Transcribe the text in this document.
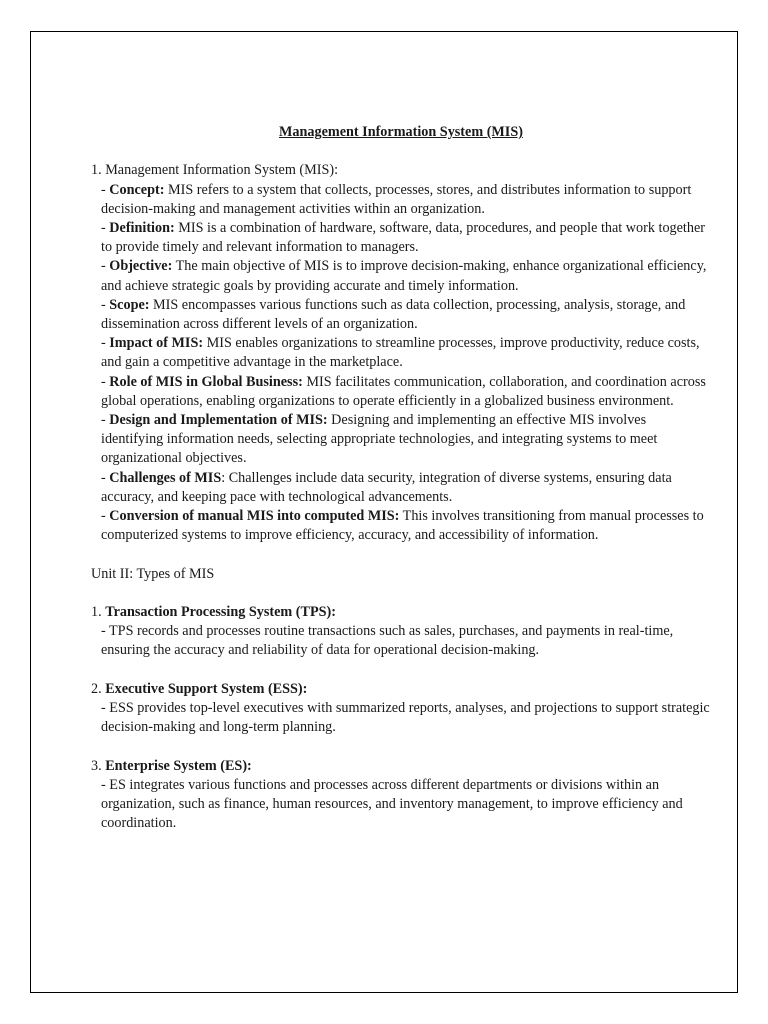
Management Information System (MIS)

1. Management Information System (MIS):

- Concept: MIS refers to a system that collects, processes, stores, and distributes information to support decision-making and management activities within an organization.

- Definition: MIS is a combination of hardware, software, data, procedures, and people that work together to provide timely and relevant information to managers.

- Objective: The main objective of MIS is to improve decision-making, enhance organizational efficiency, and achieve strategic goals by providing accurate and timely information.

- Scope: MIS encompasses various functions such as data collection, processing, analysis, storage, and dissemination across different levels of an organization.

- Impact of MIS: MIS enables organizations to streamline processes, improve productivity, reduce costs, and gain a competitive advantage in the marketplace.

- Role of MIS in Global Business: MIS facilitates communication, collaboration, and coordination across global operations, enabling organizations to operate efficiently in a globalized business environment.

- Design and Implementation of MIS: Designing and implementing an effective MIS involves identifying information needs, selecting appropriate technologies, and integrating systems to meet organizational objectives.

- Challenges of MIS: Challenges include data security, integration of diverse systems, ensuring data accuracy, and keeping pace with technological advancements.

- Conversion of manual MIS into computed MIS: This involves transitioning from manual processes to computerized systems to improve efficiency, accuracy, and accessibility of information.

Unit II: Types of MIS

1. Transaction Processing System (TPS):

- TPS records and processes routine transactions such as sales, purchases, and payments in real-time, ensuring the accuracy and reliability of data for operational decision-making.

2. Executive Support System (ESS):

- ESS provides top-level executives with summarized reports, analyses, and projections to support strategic decision-making and long-term planning.

3. Enterprise System (ES):

- ES integrates various functions and processes across different departments or divisions within an organization, such as finance, human resources, and inventory management, to improve efficiency and coordination.
